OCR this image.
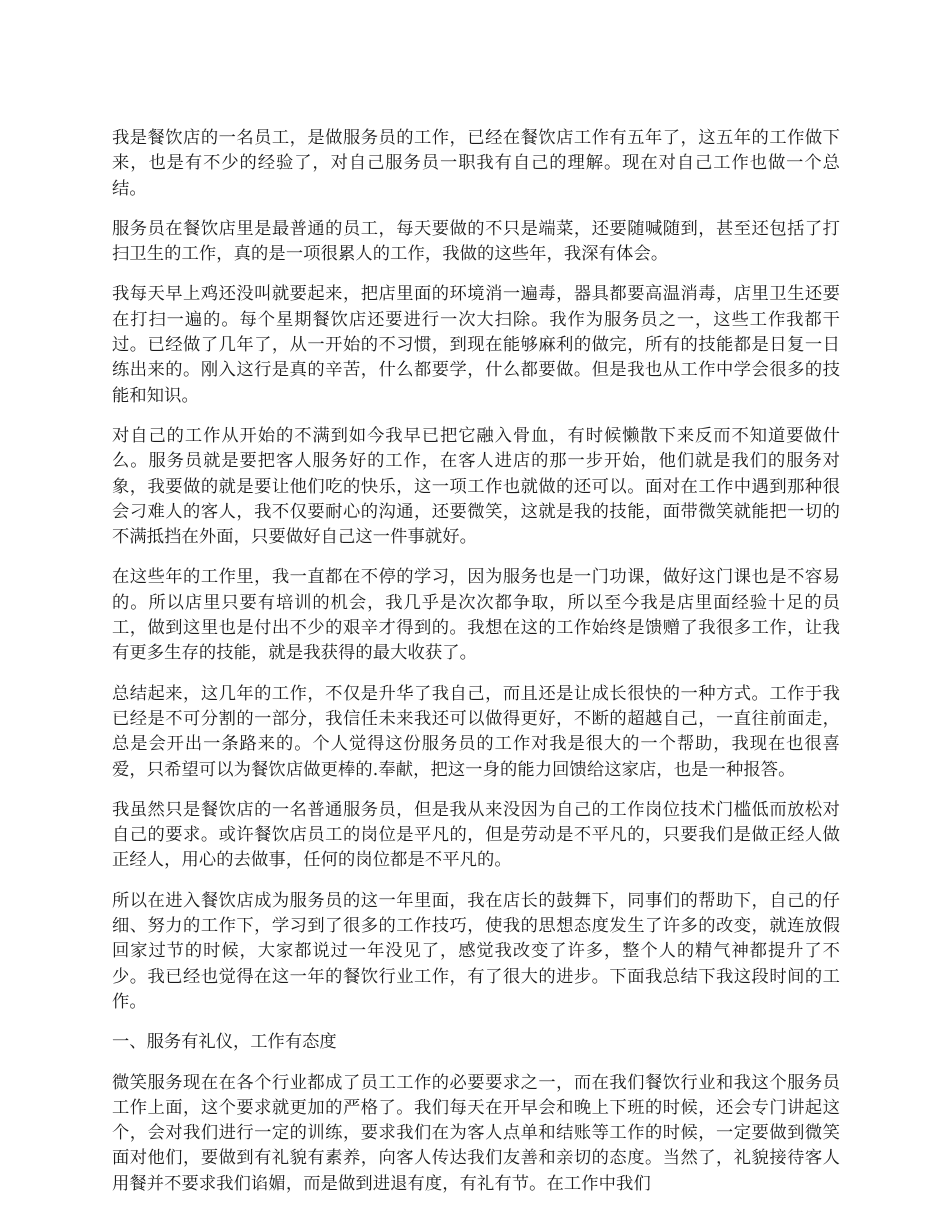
我是餐饮店的一名员工，是做服务员的工作，已经在餐饮店工作有五年了，这五年的工作做下来，也是有不少的经验了，对自己服务员一职我有自己的理解。现在对自己工作也做一个总结。

服务员在餐饮店里是最普通的员工，每天要做的不只是端菜，还要随喊随到，甚至还包括了打扫卫生的工作，真的是一项很累人的工作，我做的这些年，我深有体会。

我每天早上鸡还没叫就要起来，把店里面的环境消一遍毒，器具都要高温消毒，店里卫生还要在打扫一遍的。每个星期餐饮店还要进行一次大扫除。我作为服务员之一，这些工作我都干过。已经做了几年了，从一开始的不习惯，到现在能够麻利的做完，所有的技能都是日复一日练出来的。刚入这行是真的辛苦，什么都要学，什么都要做。但是我也从工作中学会很多的技能和知识。

对自己的工作从开始的不满到如今我早已把它融入骨血，有时候懒散下来反而不知道要做什么。服务员就是要把客人服务好的工作，在客人进店的那一步开始，他们就是我们的服务对象，我要做的就是要让他们吃的快乐，这一项工作也就做的还可以。面对在工作中遇到那种很会刁难人的客人，我不仅要耐心的沟通，还要微笑，这就是我的技能，面带微笑就能把一切的不满抵挡在外面，只要做好自己这一件事就好。

在这些年的工作里，我一直都在不停的学习，因为服务也是一门功课，做好这门课也是不容易的。所以店里只要有培训的机会，我几乎是次次都争取，所以至今我是店里面经验十足的员工，做到这里也是付出不少的艰辛才得到的。我想在这的工作始终是馈赠了我很多工作，让我有更多生存的技能，就是我获得的最大收获了。

总结起来，这几年的工作，不仅是升华了我自己，而且还是让成长很快的一种方式。工作于我已经是不可分割的一部分，我信任未来我还可以做得更好，不断的超越自己，一直往前面走，总是会开出一条路来的。个人觉得这份服务员的工作对我是很大的一个帮助，我现在也很喜爱，只希望可以为餐饮店做更棒的.奉献，把这一身的能力回馈给这家店，也是一种报答。

我虽然只是餐饮店的一名普通服务员，但是我从来没因为自己的工作岗位技术门槛低而放松对自己的要求。或许餐饮店员工的岗位是平凡的，但是劳动是不平凡的，只要我们是做正经人做正经人，用心的去做事，任何的岗位都是不平凡的。

所以在进入餐饮店成为服务员的这一年里面，我在店长的鼓舞下，同事们的帮助下，自己的仔细、努力的工作下，学习到了很多的工作技巧，使我的思想态度发生了许多的改变，就连放假回家过节的时候，大家都说过一年没见了，感觉我改变了许多，整个人的精气神都提升了不少。我已经也觉得在这一年的餐饮行业工作，有了很大的进步。下面我总结下我这段时间的工作。

一、服务有礼仪，工作有态度

微笑服务现在在各个行业都成了员工工作的必要要求之一，而在我们餐饮行业和我这个服务员工作上面，这个要求就更加的严格了。我们每天在开早会和晚上下班的时候，还会专门讲起这个，会对我们进行一定的训练，要求我们在为客人点单和结账等工作的时候，一定要做到微笑面对他们，要做到有礼貌有素养，向客人传达我们友善和亲切的态度。当然了，礼貌接待客人用餐并不要求我们谄媚，而是做到进退有度，有礼有节。在工作中我们
